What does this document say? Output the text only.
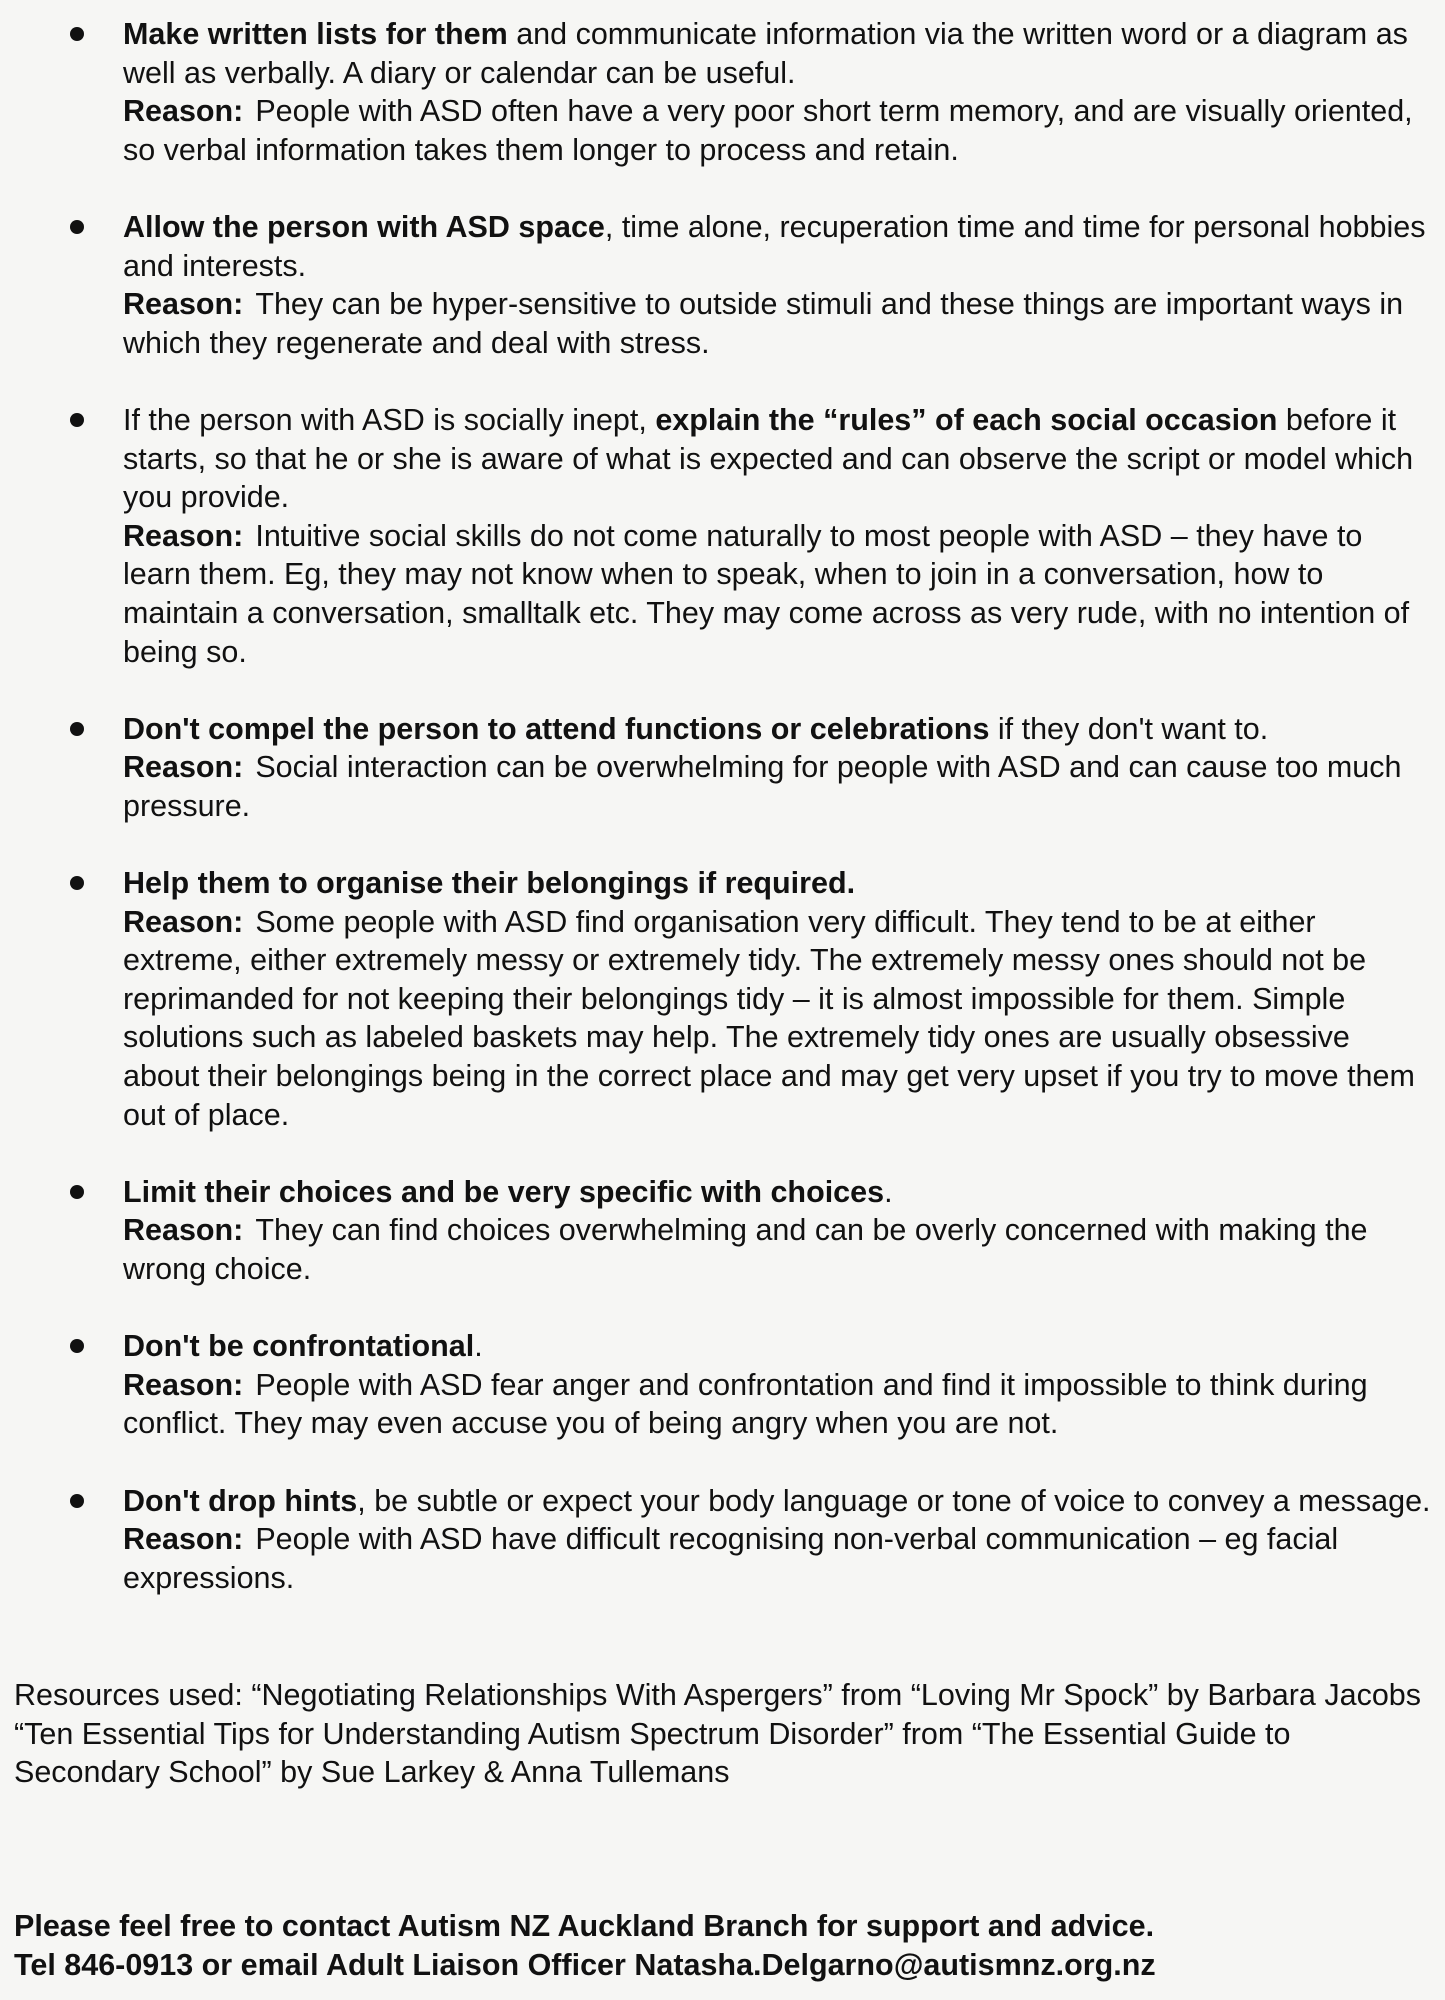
Make written lists for them and communicate information via the written word or a diagram as well as verbally. A diary or calendar can be useful.

Reason: People with ASD often have a very poor short term memory, and are visually oriented, so verbal information takes them longer to process and retain.

Allow the person with ASD space, time alone, recuperation time and time for personal hobbies and interests.

Reason: They can be hyper-sensitive to outside stimuli and these things are important ways in which they regenerate and deal with stress.

If the person with ASD is socially inept, explain the “rules” of each social occasion before it starts, so that he or she is aware of what is expected and can observe the script or model which you provide.

Reason: Intuitive social skills do not come naturally to most people with ASD – they have to learn them. Eg, they may not know when to speak, when to join in a conversation, how to maintain a conversation, smalltalk etc. They may come across as very rude, with no intention of being so.

Don't compel the person to attend functions or celebrations if they don't want to.

Reason: Social interaction can be overwhelming for people with ASD and can cause too much pressure.

Help them to organise their belongings if required.

Reason: Some people with ASD find organisation very difficult. They tend to be at either extreme, either extremely messy or extremely tidy. The extremely messy ones should not be reprimanded for not keeping their belongings tidy – it is almost impossible for them. Simple solutions such as labeled baskets may help. The extremely tidy ones are usually obsessive about their belongings being in the correct place and may get very upset if you try to move them out of place.

Limit their choices and be very specific with choices.

Reason: They can find choices overwhelming and can be overly concerned with making the wrong choice.

Don't be confrontational.

Reason: People with ASD fear anger and confrontation and find it impossible to think during conflict. They may even accuse you of being angry when you are not.

Don't drop hints, be subtle or expect your body language or tone of voice to convey a message.

Reason: People with ASD have difficult recognising non-verbal communication – eg facial expressions.

Resources used: “Negotiating Relationships With Aspergers” from “Loving Mr Spock” by Barbara Jacobs

“Ten Essential Tips for Understanding Autism Spectrum Disorder” from “The Essential Guide to Secondary School” by Sue Larkey & Anna Tullemans

Please feel free to contact Autism NZ Auckland Branch for support and advice.

Tel 846-0913 or email Adult Liaison Officer Natasha.Delgarno@autismnz.org.nz
